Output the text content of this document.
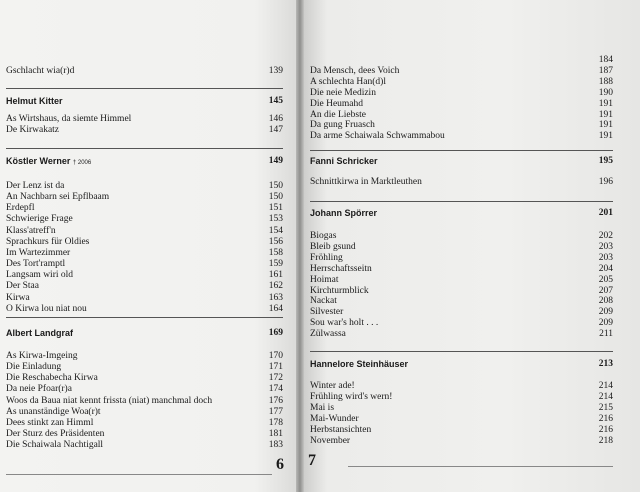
Gschlacht wia(r)d	139
Helmut Kitter	145
As Wirtshaus, da siemte Himmel	146
De Kirwakatz	147
Köstler Werner † 2006	149
Der Lenz ist da	150
An Nachbarn sei Epflbaam	150
Erdepfl	151
Schwierige Frage	153
Klass'atreff'n	154
Sprachkurs für Oldies	156
Im Wartezimmer	158
Des Tort'ramptl	159
Langsam wiri old	161
Der Staa	162
Kirwa	163
O Kirwa lou niat nou	164
Albert Landgraf	169
As Kirwa-Imgeing	170
Die Einladung	171
Die Reschabecha Kirwa	172
Da neie Pfoar(r)a	174
Woos da Baua niat kennt frissta (niat) manchmal doch	176
As unanständige Woa(r)t	177
Dees stinkt zan Himml	178
Der Sturz des Präsidenten	181
Die Schaiwala Nachtigall	183
6
184
Da Mensch, dees Voich	187
A schlechta Han(d)l	188
Die neie Medizin	190
Die Heumahd	191
An die Liebste	191
Da gung Fruasch	191
Da arme Schaiwala Schwammabou	191
Fanni Schricker	195
Schnittkirwa in Marktleuthen	196
Johann Spörrer	201
Biogas	202
Bleib gsund	203
Fröhling	203
Herrschaftsseitn	204
Hoimat	205
Kirchturmblick	207
Nackat	208
Silvester	209
Sou war's holt . . .	209
Zülwassa	211
Hannelore Steinhäuser	213
Winter ade!	214
Frühling wird's wern!	214
Mai is	215
Mai-Wunder	216
Herbstansichten	216
November	218
7
